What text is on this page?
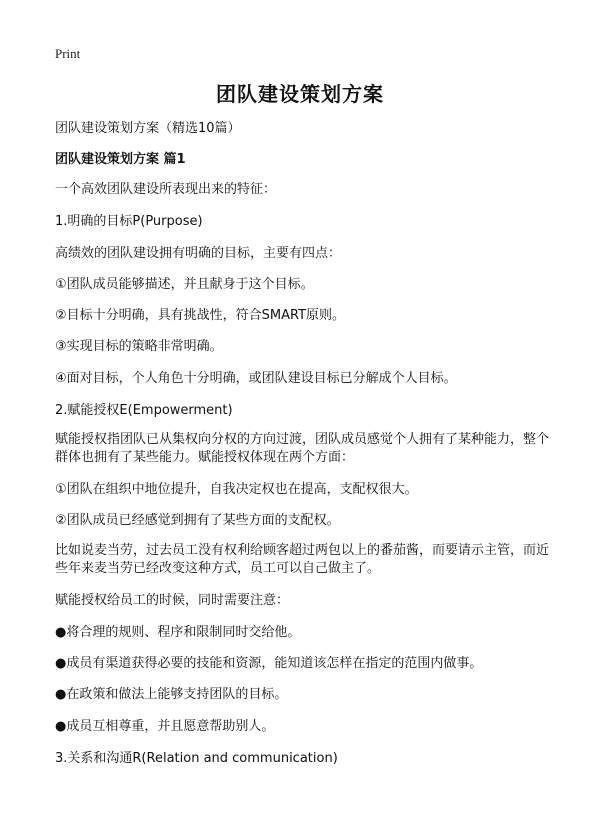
Print
团队建设策划方案

团队建设策划方案（精选10篇）

团队建设策划方案 篇1

一个高效团队建设所表现出来的特征：

1.明确的目标P(Purpose)

高绩效的团队建设拥有明确的目标，主要有四点：

①团队成员能够描述，并且献身于这个目标。

②目标十分明确，具有挑战性，符合SMART原则。

③实现目标的策略非常明确。

④面对目标，个人角色十分明确，或团队建设目标已分解成个人目标。

2.赋能授权E(Empowerment)

赋能授权指团队已从集权向分权的方向过渡，团队成员感觉个人拥有了某种能力，整个群体也拥有了某些能力。赋能授权体现在两个方面：

①团队在组织中地位提升，自我决定权也在提高，支配权很大。

②团队成员已经感觉到拥有了某些方面的支配权。

比如说麦当劳，过去员工没有权利给顾客超过两包以上的番茄酱，而要请示主管，而近些年来麦当劳已经改变这种方式，员工可以自己做主了。

赋能授权给员工的时候，同时需要注意：

●将合理的规则、程序和限制同时交给他。

●成员有渠道获得必要的技能和资源，能知道该怎样在指定的范围内做事。

●在政策和做法上能够支持团队的目标。

●成员互相尊重，并且愿意帮助别人。

3.关系和沟通R(Relation and communication)
